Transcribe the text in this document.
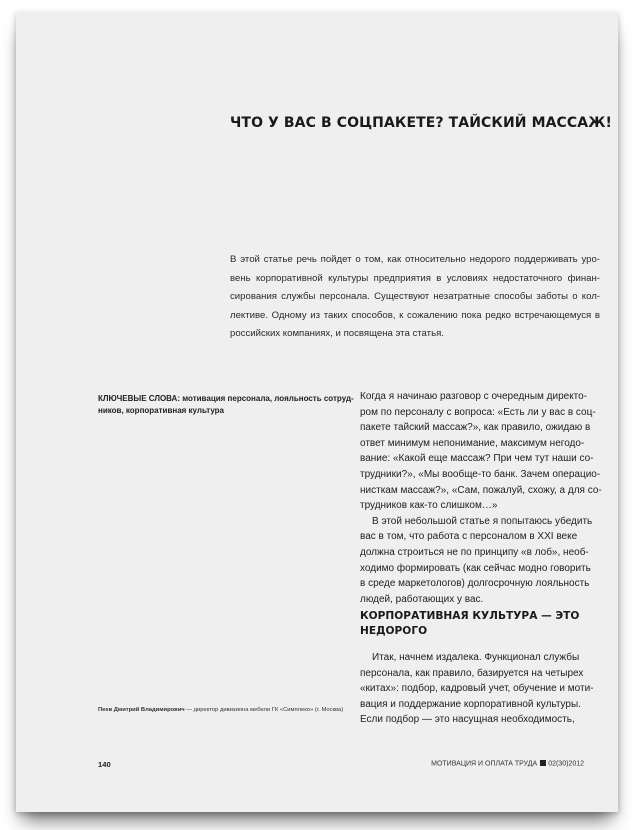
ЧТО У ВАС В СОЦПАКЕТЕ? ТАЙСКИЙ МАССАЖ!
В этой статье речь пойдет о том, как относительно недорого поддерживать уро-
вень корпоративной культуры предприятия в условиях недостаточного финан-
сирования службы персонала. Существуют незатратные способы заботы о кол-
лективе. Одному из таких способов, к сожалению пока редко встречающемуся в
российских компаниях, и посвящена эта статья.
КЛЮЧЕВЫЕ СЛОВА: мотивация персонала, лояльность сотруд-
ников, корпоративная культура
Когда я начинаю разговор с очередным директо-
ром по персоналу с вопроса: «Есть ли у вас в соц-
пакете тайский массаж?», как правило, ожидаю в
ответ минимум непонимание, максимум негодо-
вание: «Какой еще массаж? При чем тут наши со-
трудники?», «Мы вообще-то банк. Зачем операцио-
нисткам массаж?», «Сам, пожалуй, схожу, а для со-
трудников как-то слишком…»
В этой небольшой статье я попытаюсь убедить
вас в том, что работа с персоналом в XXI веке
должна строиться не по принципу «в лоб», необ-
ходимо формировать (как сейчас модно говорить
в среде маркетологов) долгосрочную лояльность
людей, работающих у вас.
КОРПОРАТИВНАЯ КУЛЬТУРА — ЭТО
НЕДОРОГО
Итак, начнем издалека. Функционал службы
персонала, как правило, базируется на четырех
«китах»: подбор, кадровый учет, обучение и моти-
вация и поддержание корпоративной культуры.
Если подбор — это насущная необходимость,
Пеев Дмитрий Владимирович — директор дивизиона мебели ГК «Симплеко» (г. Москва)
140	МОТИВАЦИЯ И ОПЛАТА ТРУДА 02(30)2012
